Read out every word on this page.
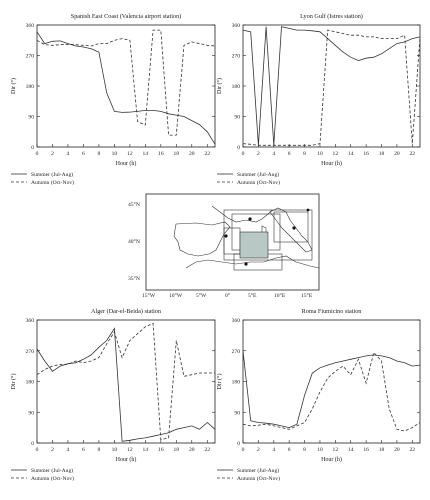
Spanish East Coast (Valencia airport station)
0
90
180
270
360
0 2 4 6 8 10 12 14 16 18 20 22
Hour (h)
Dir (°)
Summer (Jul-Aug)
Autumn (Oct-Nov)
Lyon Gulf (Istres station)
0
90
180
270
360
0 2 4 6 8 10 12 14 16 18 20 22
Hour (h)
Dir (°)
Summer (Jul-Aug)
Autumn (Oct-Nov)
Alger (Dar-el-Beida) station
0
90
180
270
360
0 2 4 6 8 10 12 14 16 18 20 22
Hour (h)
Dir (°)
Summer (Jul-Aug)
Autumn (Oct-Nov)
Roma Fiumicino station
0
90
180
270
360
0 2 4 6 8 10 12 14 16 18 20 22
Hour (h)
Dir (°)
Summer (Jul-Aug)
Autumn (Oct-Nov)
45°N
40°N
35°N
15°W 10°W 5°W	0°	5°E	10°E	15°E
